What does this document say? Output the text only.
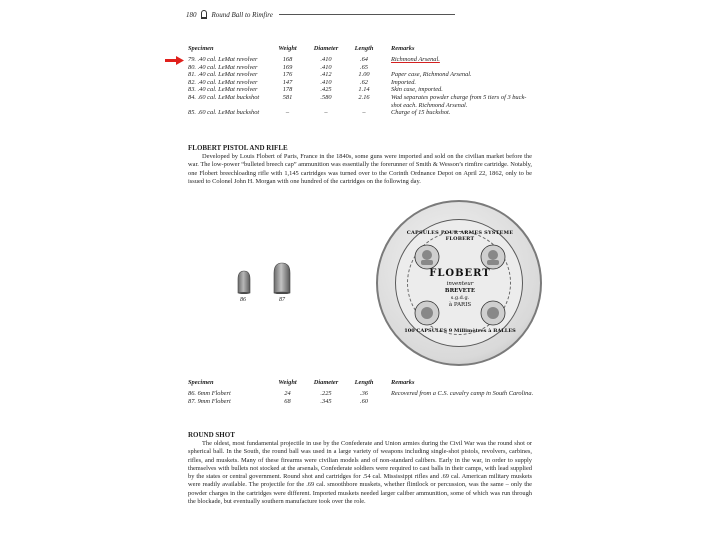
180 Round Ball to Rimfire
Specimen	Weight	Diameter	Length	Remarks
79. .40 cal. LeMat revolver	168	.410	.64	Richmond Arsenal.
80. .40 cal. LeMat revolver	169	.410	.65	
81. .40 cal. LeMat revolver	176	.412	1.00	Paper case, Richmond Arsenal.
82. .40 cal. LeMat revolver	147	.410	.62	Imported.
83. .40 cal. LeMat revolver	178	.425	1.14	Skin case, imported.
84. .60 cal. LeMat buckshot	581	.580	2.16	Wad separates powder charge from 5 tiers of 3 buck-
				shot each. Richmond Arsenal.
85. .60 cal. LeMat buckshot	–	–	–	Charge of 15 buckshot.
FLOBERT PISTOL AND RIFLE
Developed by Louis Flobert of Paris, France in the 1840s, some guns were imported and sold on the civilian market before the war. The low-power “bulleted breech cap” ammunition was essentially the forerunner of Smith & Wesson’s rimfire cartridge. Notably, one Flobert breechloading rifle with 1,145 cartridges was turned over to the Corinth Ordnance Depot on April 22, 1862, only to be issued to Colonel John H. Morgan with one hundred of the cartridges on the following day.
86	87
CAPSULES POUR ARMES SYSTEME FLOBERT
FLOBERT
inventeur
BREVETE
s.g.d.g.
à PARIS
100 CAPSULES 9 Millimètres à BALLES
Specimen	Weight	Diameter	Length	Remarks
86. 6mm Flobert	24	.225	.36	Recovered from a C.S. cavalry camp in South Carolina.
87. 9mm Flobert	68	.345	.60	
ROUND SHOT
The oldest, most fundamental projectile in use by the Confederate and Union armies during the Civil War was the round shot or spherical ball. In the South, the round ball was used in a large variety of weapons including single-shot pistols, revolvers, carbines, rifles, and muskets. Many of these firearms were civilian models and of non-standard calibers. Early in the war, in order to supply themselves with bullets not stocked at the arsenals, Confederate soldiers were required to cast balls in their camps, with lead supplied by the states or central government. Round shot and cartridges for .54 cal. Mississippi rifles and .69 cal. American military muskets were readily available. The projectile for the .69 cal. smoothbore muskets, whether flintlock or percussion, was the same – only the powder charges in the cartridges were different. Imported muskets needed larger caliber ammunition, some of which was run through the blockade, but eventually southern manufacture took over the role.
